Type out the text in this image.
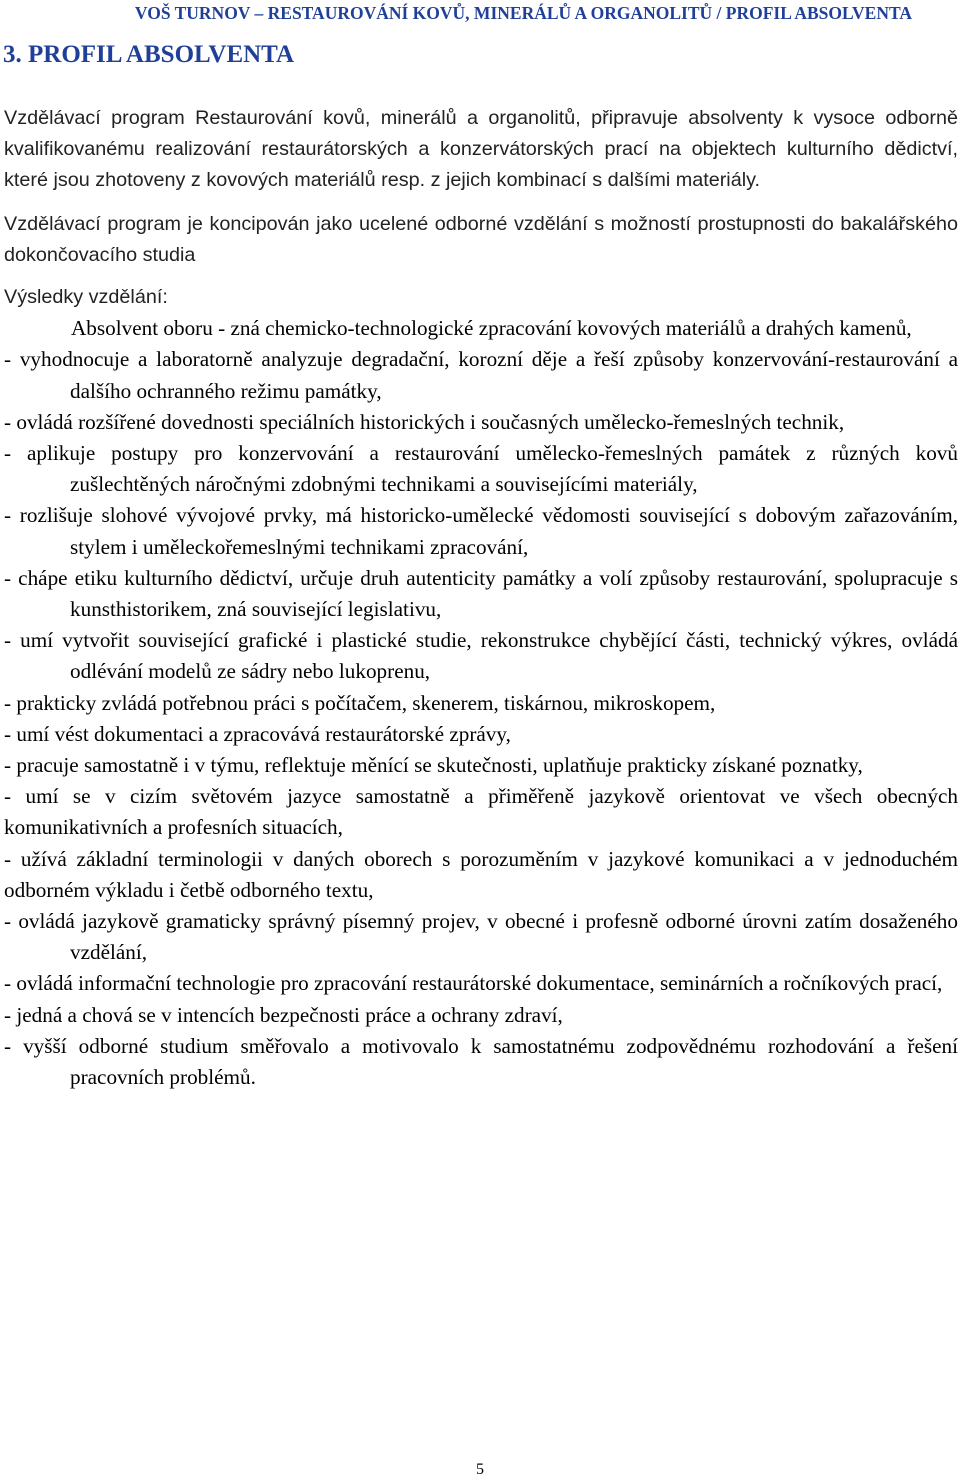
VOŠ TURNOV – RESTAUROVÁNÍ KOVŮ, MINERÁLŮ A ORGANOLITŮ / PROFIL ABSOLVENTA
3. PROFIL ABSOLVENTA

Vzdělávací program Restaurování kovů, minerálů a organolitů, připravuje absolventy k vysoce odborně kvalifikovanému realizování restaurátorských a konzervátorských prací na objektech kulturního dědictví, které jsou zhotoveny z kovových materiálů resp. z jejich kombinací s dalšími materiály.

Vzdělávací program je koncipován jako ucelené odborné vzdělání s možností prostupnosti do bakalářského dokončovacího studia

Výsledky vzdělání:

Absolvent oboru - zná chemicko-technologické zpracování kovových materiálů a drahých kamenů,
- vyhodnocuje a laboratorně analyzuje degradační, korozní děje a řeší způsoby konzervování-restaurování a dalšího ochranného režimu památky,
- ovládá rozšířené dovednosti speciálních historických i současných umělecko-řemeslných technik,
- aplikuje postupy pro konzervování a restaurování umělecko-řemeslných památek z různých kovů zušlechtěných náročnými zdobnými technikami a souvisejícími materiály,
- rozlišuje slohové vývojové prvky, má historicko-umělecké vědomosti související s dobovým zařazováním, stylem i uměleckořemeslnými technikami zpracování,
- chápe etiku kulturního dědictví, určuje druh autenticity památky a volí způsoby restaurování, spolupracuje s kunsthistorikem, zná související legislativu,
- umí vytvořit související grafické i plastické studie, rekonstrukce chybějící části, technický výkres, ovládá odlévání modelů ze sádry nebo lukoprenu,
- prakticky zvládá potřebnou práci s počítačem, skenerem, tiskárnou, mikroskopem,
- umí vést dokumentaci a zpracovává restaurátorské zprávy,
- pracuje samostatně i v týmu, reflektuje měnící se skutečnosti, uplatňuje prakticky získané poznatky,
- umí se v cizím světovém jazyce samostatně a přiměřeně jazykově orientovat ve všech obecných komunikativních a profesních situacích,
- užívá základní terminologii v daných oborech s porozuměním v jazykové komunikaci a v jednoduchém odborném výkladu i četbě odborného textu,
- ovládá jazykově gramaticky správný písemný projev, v obecné i profesně odborné úrovni zatím dosaženého vzdělání,
- ovládá informační technologie pro zpracování restaurátorské dokumentace, seminárních a ročníkových prací,
- jedná a chová se v intencích bezpečnosti práce a ochrany zdraví,
- vyšší odborné studium směřovalo a motivovalo k samostatnému zodpovědnému rozhodování a řešení pracovních problémů.
5
